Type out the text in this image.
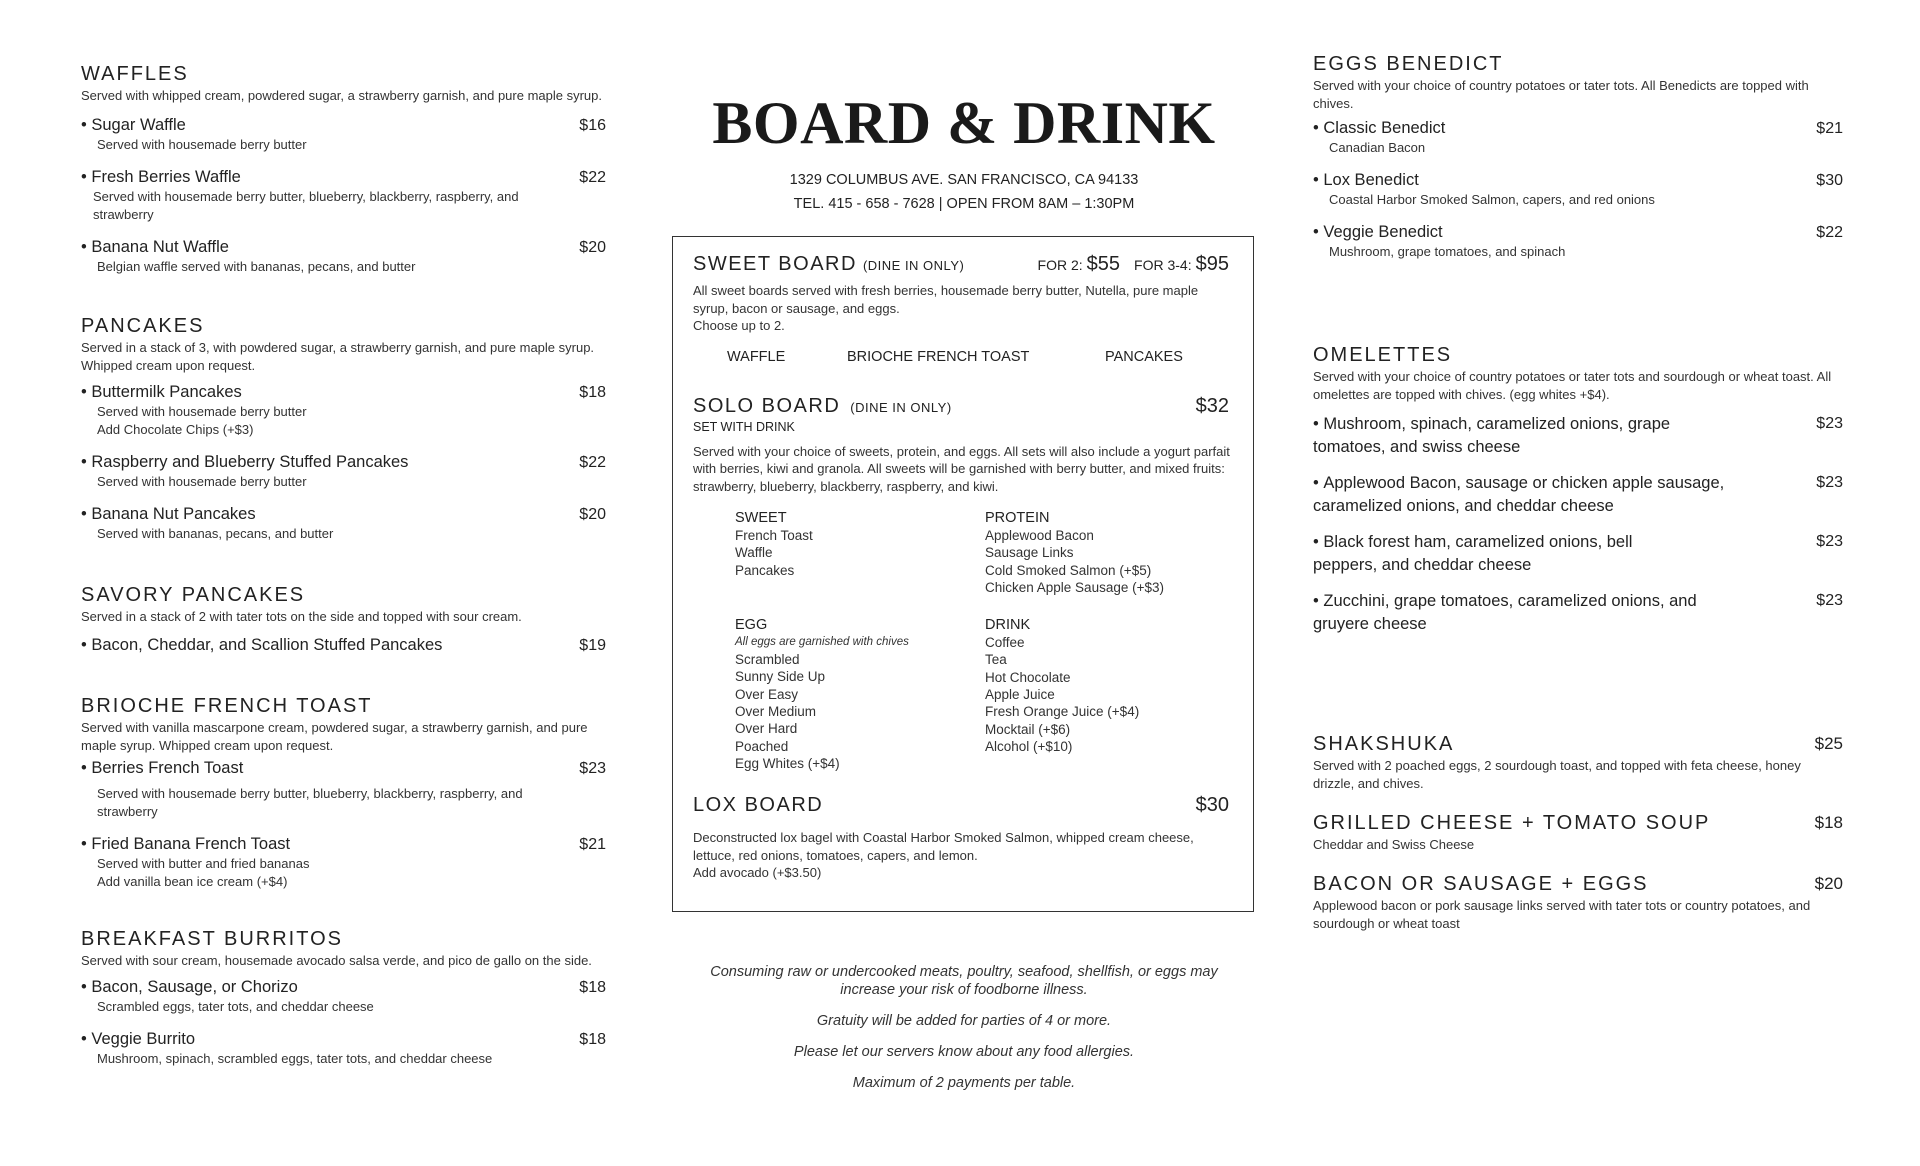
WAFFLES
Served with whipped cream, powdered sugar, a strawberry garnish, and pure maple syrup.
• Sugar Waffle	$16
Served with housemade berry butter
• Fresh Berries Waffle	$22
Served with housemade berry butter, blueberry, blackberry, raspberry, and strawberry
• Banana Nut Waffle	$20
Belgian waffle served with bananas, pecans, and butter
PANCAKES
Served in a stack of 3, with powdered sugar, a strawberry garnish, and pure maple syrup. Whipped cream upon request.
• Buttermilk Pancakes	$18
Served with housemade berry butter
Add Chocolate Chips (+$3)
• Raspberry and Blueberry Stuffed Pancakes	$22
Served with housemade berry butter
• Banana Nut Pancakes	$20
Served with bananas, pecans, and butter
SAVORY PANCAKES
Served in a stack of 2 with tater tots on the side and topped with sour cream.
• Bacon, Cheddar, and Scallion Stuffed Pancakes	$19
BRIOCHE FRENCH TOAST
Served with vanilla mascarpone cream, powdered sugar, a strawberry garnish, and pure maple syrup. Whipped cream upon request.
• Berries French Toast	$23
Served with housemade berry butter, blueberry, blackberry, raspberry, and strawberry
• Fried Banana French Toast	$21
Served with butter and fried bananas
Add vanilla bean ice cream (+$4)
BREAKFAST BURRITOS
Served with sour cream, housemade avocado salsa verde, and pico de gallo on the side.
• Bacon, Sausage, or Chorizo	$18
Scrambled eggs, tater tots, and cheddar cheese
• Veggie Burrito	$18
Mushroom, spinach, scrambled eggs, tater tots, and cheddar cheese
BOARD & DRINK
1329 COLUMBUS AVE. SAN FRANCISCO, CA 94133
TEL. 415 - 658 - 7628 | OPEN FROM 8AM – 1:30PM
SWEET BOARD (DINE IN ONLY)	FOR 2: $55 FOR 3-4: $95
All sweet boards served with fresh berries, housemade berry butter, Nutella, pure maple syrup, bacon or sausage, and eggs.
Choose up to 2.
WAFFLE	BRIOCHE FRENCH TOAST	PANCAKES
SOLO BOARD (DINE IN ONLY)	$32
SET WITH DRINK
Served with your choice of sweets, protein, and eggs. All sets will also include a yogurt parfait with berries, kiwi and granola. All sweets will be garnished with berry butter, and mixed fruits: strawberry, blueberry, blackberry, raspberry, and kiwi.
SWEET
French Toast
Waffle
Pancakes
PROTEIN
Applewood Bacon
Sausage Links
Cold Smoked Salmon (+$5)
Chicken Apple Sausage (+$3)
EGG
All eggs are garnished with chives
Scrambled
Sunny Side Up
Over Easy
Over Medium
Over Hard
Poached
Egg Whites (+$4)
DRINK
Coffee
Tea
Hot Chocolate
Apple Juice
Fresh Orange Juice (+$4)
Mocktail (+$6)
Alcohol (+$10)
LOX BOARD	$30
Deconstructed lox bagel with Coastal Harbor Smoked Salmon, whipped cream cheese, lettuce, red onions, tomatoes, capers, and lemon.
Add avocado (+$3.50)

Consuming raw or undercooked meats, poultry, seafood, shellfish, or eggs may increase your risk of foodborne illness.

Gratuity will be added for parties of 4 or more.

Please let our servers know about any food allergies.

Maximum of 2 payments per table.

EGGS BENEDICT
Served with your choice of country potatoes or tater tots. All Benedicts are topped with chives.
• Classic Benedict	$21
Canadian Bacon
• Lox Benedict	$30
Coastal Harbor Smoked Salmon, capers, and red onions
• Veggie Benedict	$22
Mushroom, grape tomatoes, and spinach
OMELETTES
Served with your choice of country potatoes or tater tots and sourdough or wheat toast. All omelettes are topped with chives. (egg whites +$4).
• Mushroom, spinach, caramelized onions, grape tomatoes, and swiss cheese
$23
• Applewood Bacon, sausage or chicken apple sausage, caramelized onions, and cheddar cheese
$23
• Black forest ham, caramelized onions, bell peppers, and cheddar cheese
$23
• Zucchini, grape tomatoes, caramelized onions, and gruyere cheese
$23
SHAKSHUKA	$25
Served with 2 poached eggs, 2 sourdough toast, and topped with feta cheese, honey drizzle, and chives.
GRILLED CHEESE + TOMATO SOUP	$18
Cheddar and Swiss Cheese
BACON OR SAUSAGE + EGGS	$20
Applewood bacon or pork sausage links served with tater tots or country potatoes, and sourdough or wheat toast
